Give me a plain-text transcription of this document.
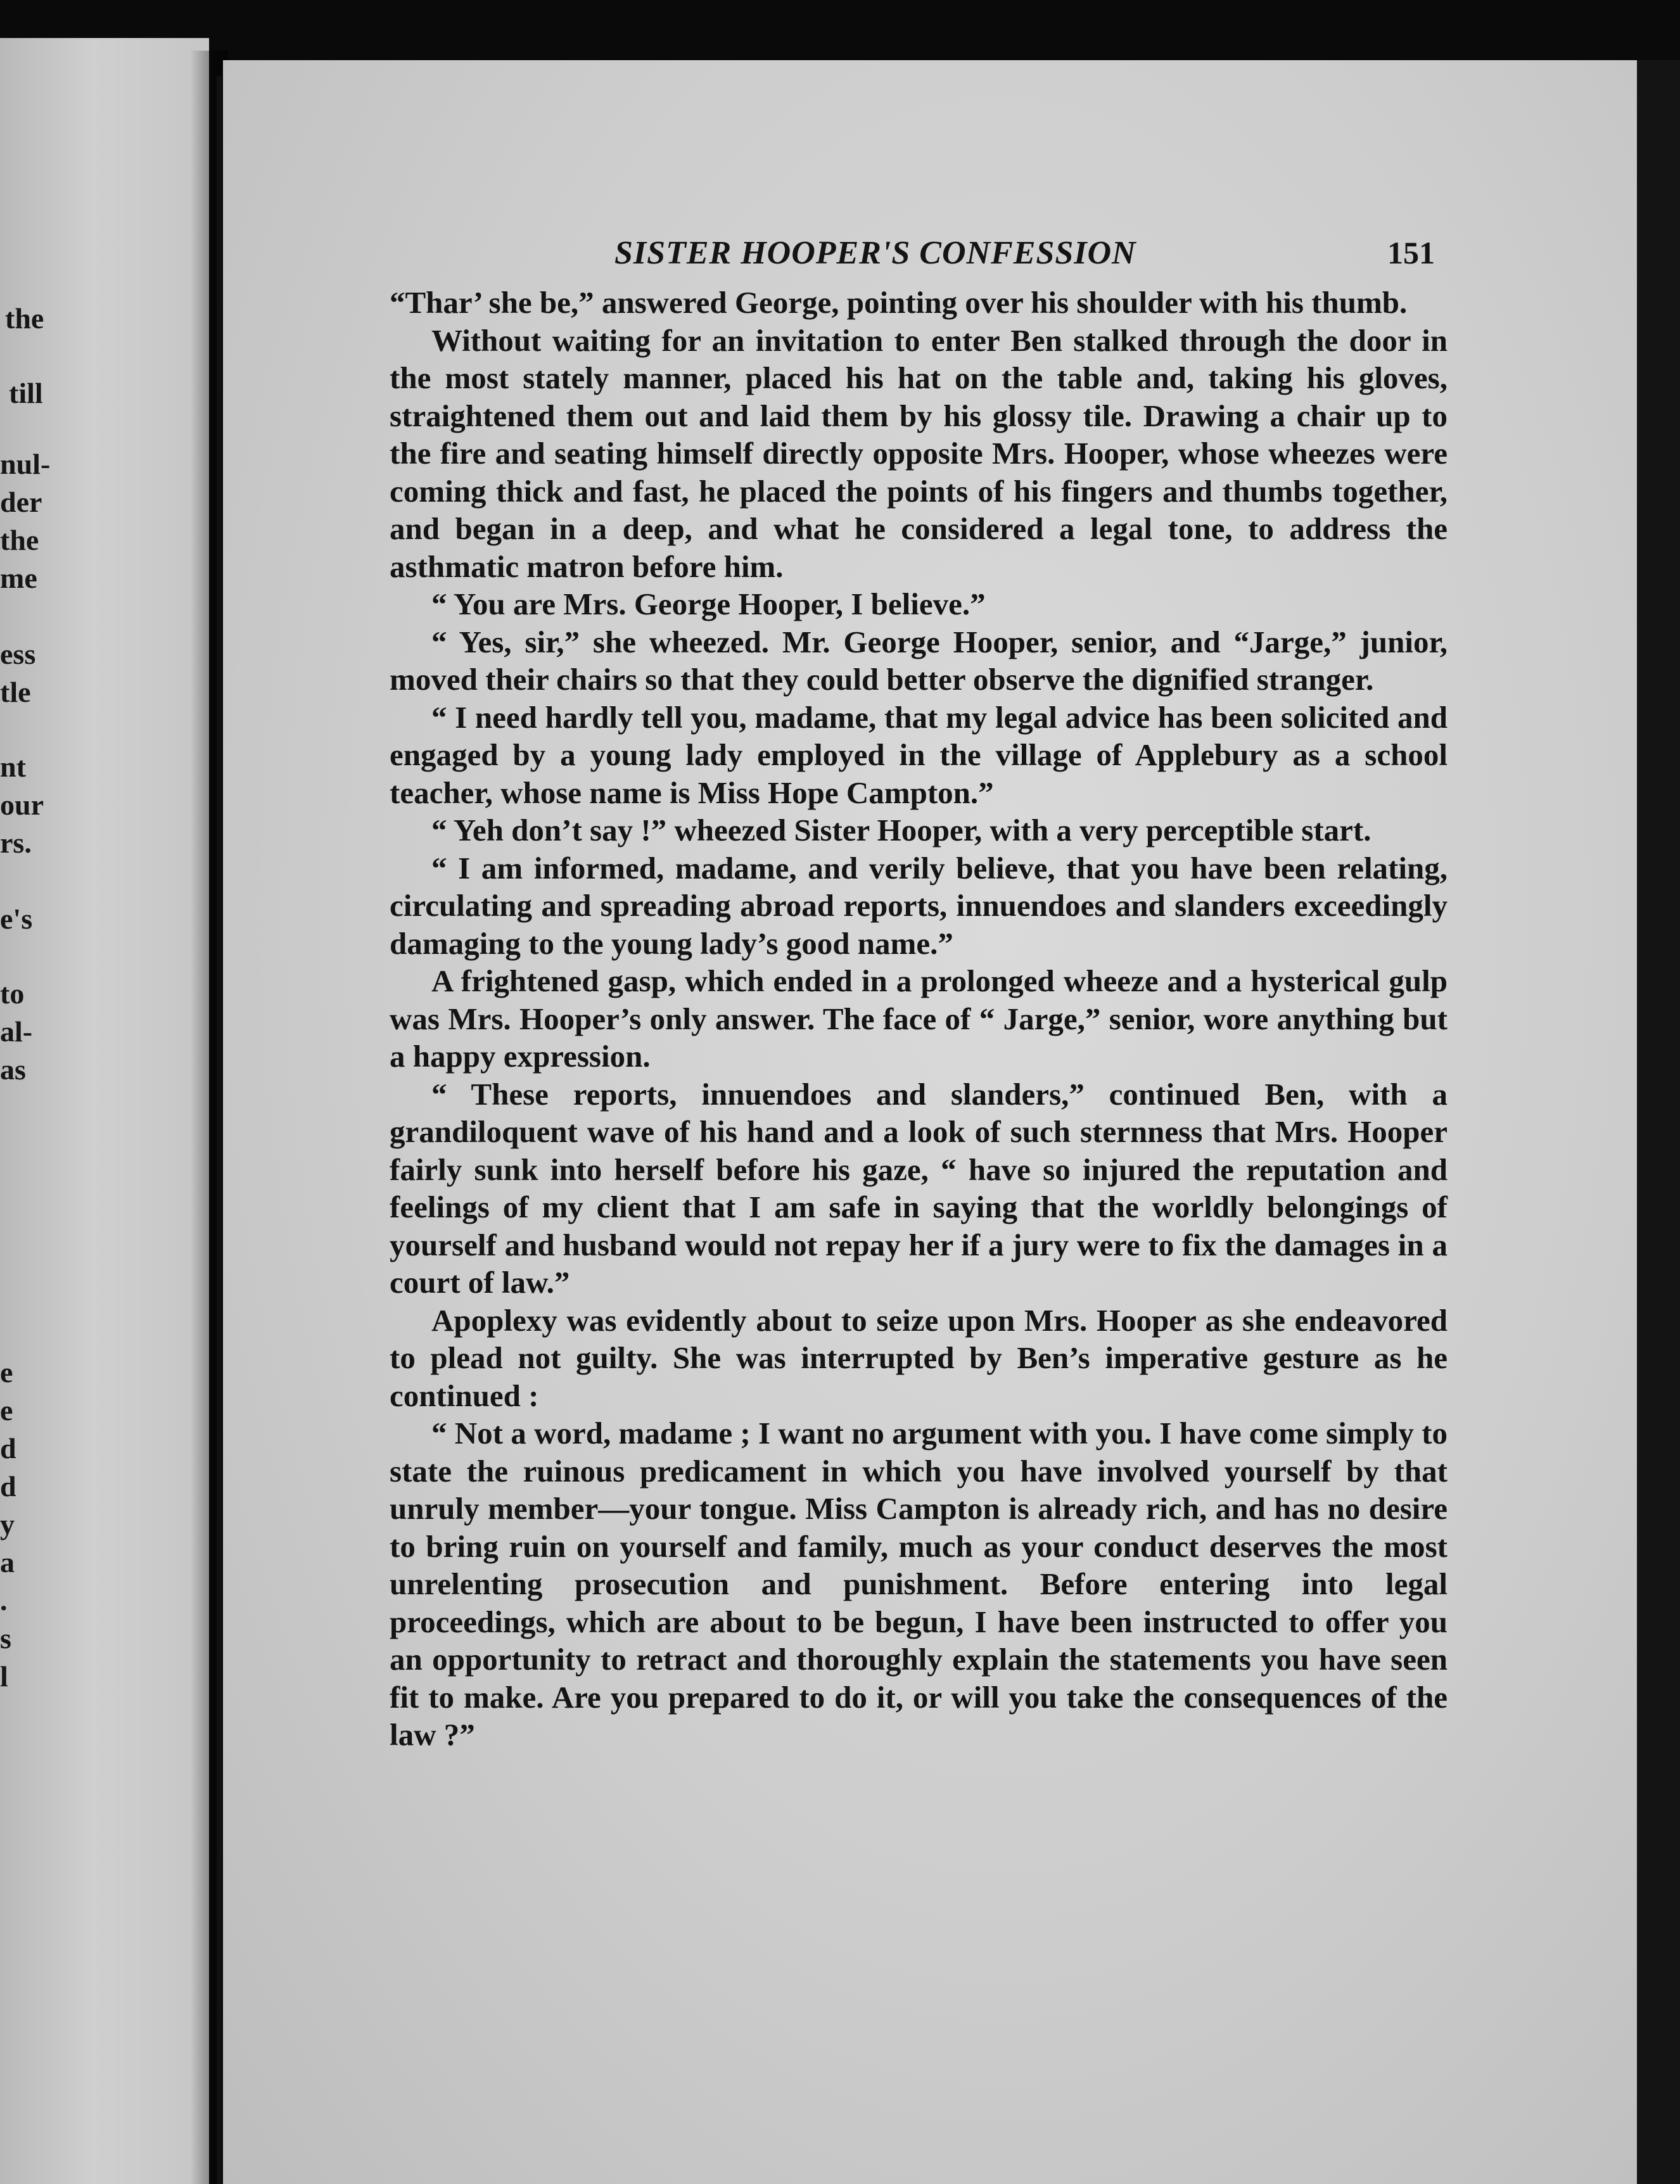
the
till
nul-
der
the
me
ess
tle
nt
our
rs.
e's
to
al-
as
e
e
d
d
y
a
.
s
l
SISTER HOOPER'S CONFESSION	151

“Thar’ she be,” answered George, pointing over his shoulder with his thumb.

Without waiting for an invitation to enter Ben stalked through the door in the most stately manner, placed his hat on the table and, taking his gloves, straightened them out and laid them by his glossy tile. Drawing a chair up to the fire and seating himself directly opposite Mrs. Hooper, whose wheezes were coming thick and fast, he placed the points of his fingers and thumbs together, and began in a deep, and what he considered a legal tone, to address the asthmatic matron before him.

“ You are Mrs. George Hooper, I believe.”

“ Yes, sir,” she wheezed. Mr. George Hooper, senior, and “Jarge,” junior, moved their chairs so that they could better observe the dignified stranger.

“ I need hardly tell you, madame, that my legal advice has been solicited and engaged by a young lady employed in the village of Applebury as a school teacher, whose name is Miss Hope Campton.”

“ Yeh don’t say !” wheezed Sister Hooper, with a very perceptible start.

“ I am informed, madame, and verily believe, that you have been relating, circulating and spreading abroad reports, innuendoes and slanders exceedingly damaging to the young lady’s good name.”

A frightened gasp, which ended in a prolonged wheeze and a hysterical gulp was Mrs. Hooper’s only answer. The face of “ Jarge,” senior, wore anything but a happy expression.

“ These reports, innuendoes and slanders,” continued Ben, with a grandiloquent wave of his hand and a look of such sternness that Mrs. Hooper fairly sunk into herself before his gaze, “ have so injured the reputation and feelings of my client that I am safe in saying that the worldly belongings of yourself and husband would not repay her if a jury were to fix the damages in a court of law.”

Apoplexy was evidently about to seize upon Mrs. Hooper as she endeavored to plead not guilty. She was interrupted by Ben’s imperative gesture as he continued :

“ Not a word, madame ; I want no argument with you. I have come simply to state the ruinous predicament in which you have involved yourself by that unruly member—your tongue. Miss Campton is already rich, and has no desire to bring ruin on yourself and family, much as your conduct deserves the most unrelenting prosecution and punishment. Before entering into legal proceedings, which are about to be begun, I have been instructed to offer you an opportunity to retract and thoroughly explain the statements you have seen fit to make. Are you prepared to do it, or will you take the consequences of the law ?”
